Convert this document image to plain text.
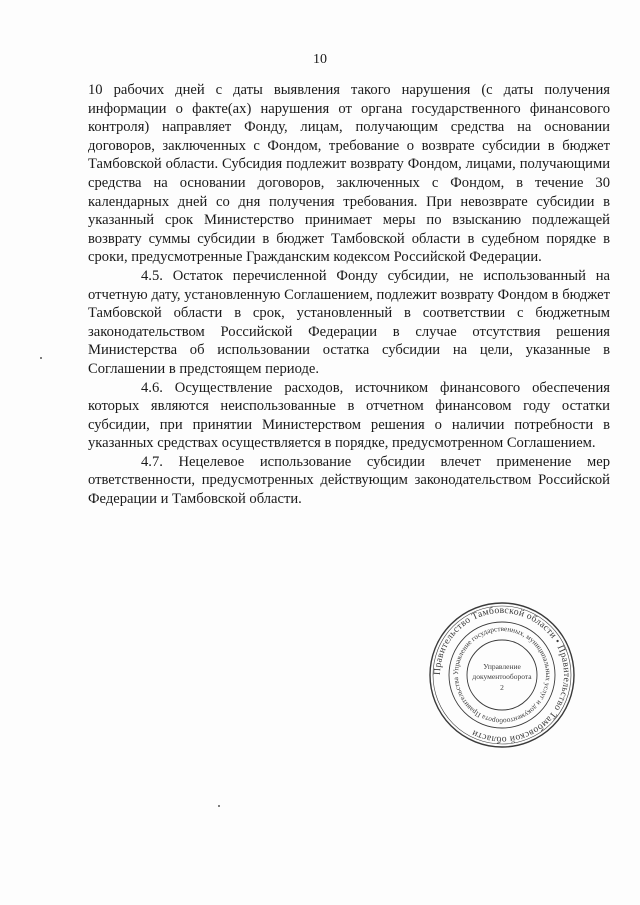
10

10 рабочих дней с даты выявления такого нарушения (с даты получения информации о факте(ах) нарушения от органа государственного финансового контроля) направляет Фонду, лицам, получающим средства на основании договоров, заключенных с Фондом, требование о возврате субсидии в бюджет Тамбовской области. Субсидия подлежит возврату Фондом, лицами, получающими средства на основании договоров, заключенных с Фондом, в течение 30 календарных дней со дня получения требования. При невозврате субсидии в указанный срок Министерство принимает меры по взысканию подлежащей возврату суммы субсидии в бюджет Тамбовской области в судебном порядке в сроки, предусмотренные Гражданским кодексом Российской Федерации.

4.5. Остаток перечисленной Фонду субсидии, не использованный на отчетную дату, установленную Соглашением, подлежит возврату Фондом в бюджет Тамбовской области в срок, установленный в соответствии с бюджетным законодательством Российской Федерации в случае отсутствия решения Министерства об использовании остатка субсидии на цели, указанные в Соглашении в предстоящем периоде.

4.6. Осуществление расходов, источником финансового обеспечения которых являются неиспользованные в отчетном финансовом году остатки субсидии, при принятии Министерством решения о наличии потребности в указанных средствах осуществляется в порядке, предусмотренном Соглашением.

4.7. Нецелевое использование субсидии влечет применение мер ответственности, предусмотренных действующим законодательством Российской Федерации и Тамбовской области.

Правительство Тамбовской области • Правительство Тамбовской области
Управление государственных, муниципальных услуг и документооборота Правительства
Управление
документооборота
2
